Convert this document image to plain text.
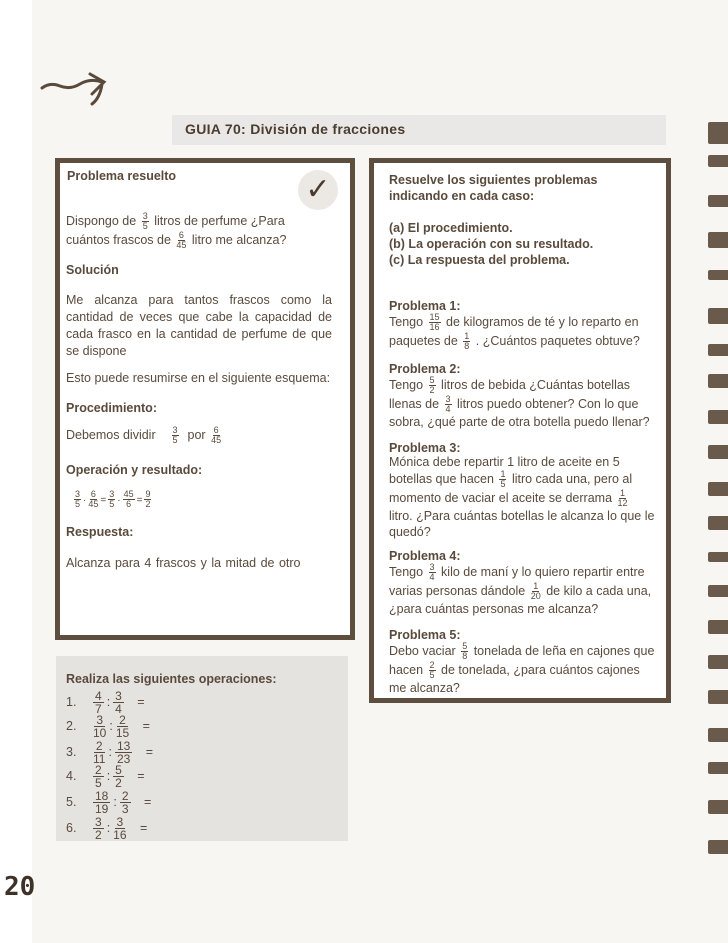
GUIA 70: División de fracciones
✓
Problema resuelto
Dispongo de $\frac{3}{5}$ litros de perfume ¿Para
cuántos frascos de $\frac{6}{45}$ litro me alcanza?
Solución
Me alcanza para tantos frascos como la cantidad de veces que cabe la capacidad de cada frasco en la cantidad de perfume de que se dispone
Esto puede resumirse en el siguiente esquema:
Procedimiento:
Debemos dividir $\frac{3}{5}$ por $\frac{6}{45}$
Operación y resultado:
$\frac{3}{5} \cdot \frac{6}{45} = \frac{3}{5} \cdot \frac{45}{6} = \frac{9}{2}$
Respuesta:
Alcanza para 4 frascos y la mitad de otro
Resuelve los siguientes problemas indicando en cada caso:
(a) El procedimiento.
(b) La operación con su resultado.
(c) La respuesta del problema.
Problema 1:
Tengo $\frac{15}{16}$ de kilogramos de té y lo reparto en paquetes de $\frac{1}{8}$ . ¿Cuántos paquetes obtuve?
Problema 2:
Tengo $\frac{5}{2}$ litros de bebida ¿Cuántas botellas llenas de $\frac{3}{4}$ litros puedo obtener? Con lo que sobra, ¿qué parte de otra botella puedo llenar?
Problema 3:
Mónica debe repartir 1 litro de aceite en 5 botellas que hacen $\frac{1}{5}$ litro cada una, pero al momento de vaciar el aceite se derrama $\frac{1}{12}$
litro. ¿Para cuántas botellas le alcanza lo que le quedó?
Problema 4:
Tengo $\frac{3}{4}$ kilo de maní y lo quiero repartir entre varias personas dándole $\frac{1}{20}$ de kilo a cada una, ¿para cuántas personas me alcanza?
Problema 5:
Debo vaciar $\frac{5}{8}$ tonelada de leña en cajones que hacen $\frac{2}{5}$ de tonelada, ¿para cuántos cajones me alcanza?
Realiza las siguientes operaciones:
1. $\frac{4}{7}$ : $\frac{3}{4}$ =
2. $\frac{3}{10}$ : $\frac{2}{15}$ =
3. $\frac{2}{11}$ : $\frac{13}{23}$ =
4. $\frac{2}{5}$ : $\frac{5}{2}$ =
5. $\frac{18}{19}$ : $\frac{2}{3}$ =
6. $\frac{3}{2}$ : $\frac{3}{16}$ =
20
